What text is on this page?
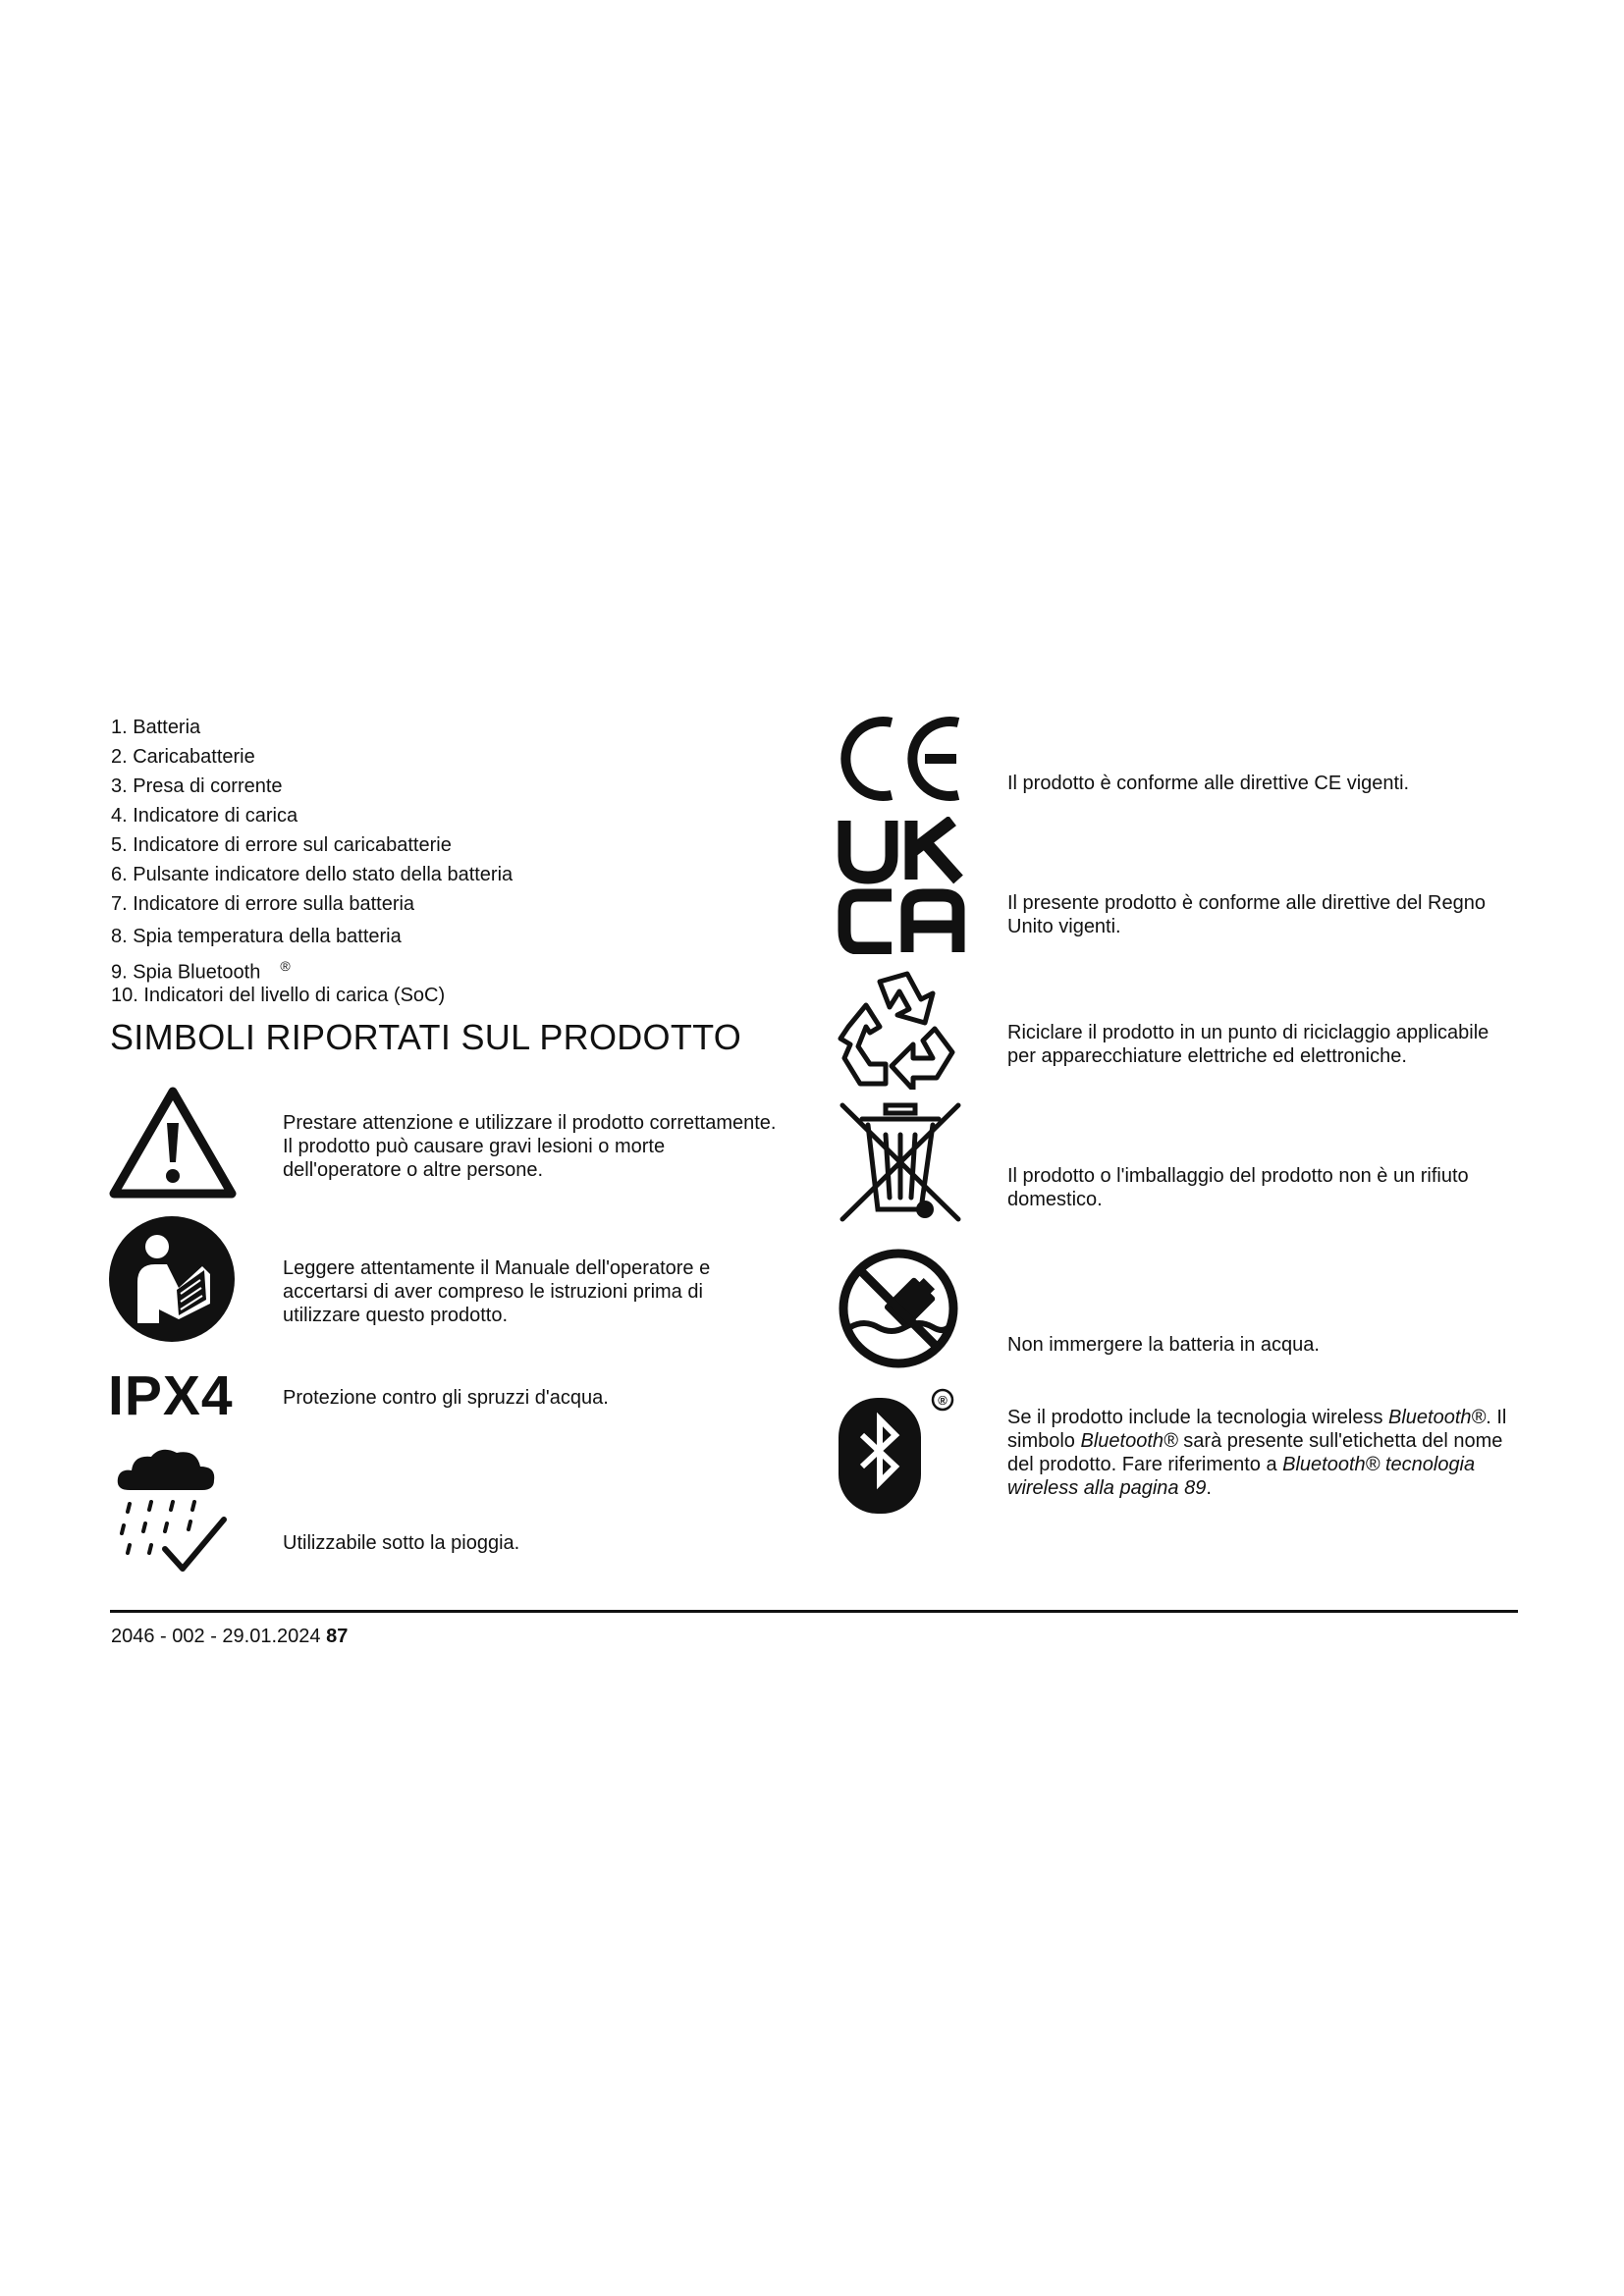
1. Batteria
2. Caricabatterie
3. Presa di corrente
4. Indicatore di carica
5. Indicatore di errore sul caricabatterie
6. Pulsante indicatore dello stato della batteria
7. Indicatore di errore sulla batteria
8. Spia temperatura della batteria
9. Spia Bluetooth ®
10. Indicatori del livello di carica (SoC)
SIMBOLI RIPORTATI SUL PRODOTTO
Prestare attenzione e utilizzare il prodotto correttamente.
Il prodotto può causare gravi lesioni o morte
dell'operatore o altre persone.
Leggere attentamente il Manuale dell'operatore e
accertarsi di aver compreso le istruzioni prima di
utilizzare questo prodotto.
IPX4	Protezione contro gli spruzzi d'acqua.
Utilizzabile sotto la pioggia.
Il prodotto è conforme alle direttive CE vigenti.
Il presente prodotto è conforme alle direttive del Regno
Unito vigenti.
Riciclare il prodotto in un punto di riciclaggio applicabile
per apparecchiature elettriche ed elettroniche.
Il prodotto o l'imballaggio del prodotto non è un rifiuto
domestico.
Non immergere la batteria in acqua.
®
Se il prodotto include la tecnologia wireless Bluetooth®. Il
simbolo Bluetooth® sarà presente sull'etichetta del nome
del prodotto. Fare riferimento a Bluetooth® tecnologia
wireless alla pagina 89.
2046 - 002 - 29.01.2024 87
